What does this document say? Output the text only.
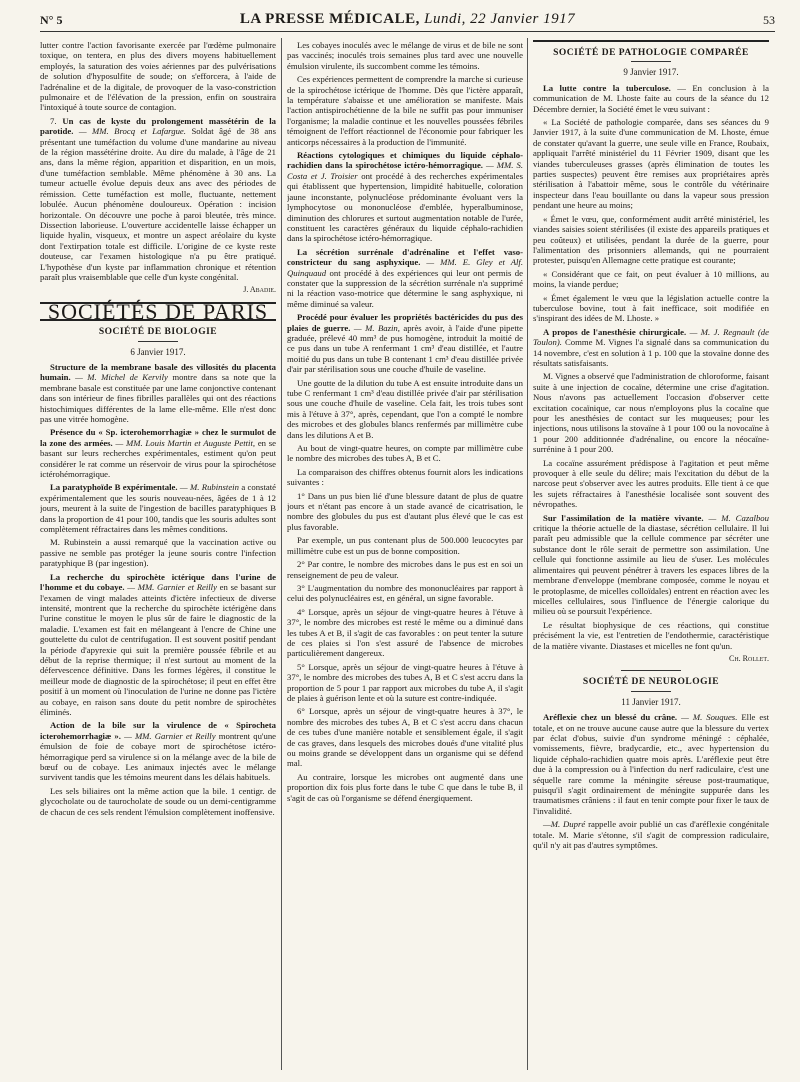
N° 5	LA PRESSE MÉDICALE, Lundi, 22 Janvier 1917	53

lutter contre l'action favorisante exercée par l'œdème pulmonaire toxique, on tentera, en plus des divers moyens habituellement employés, la saturation des voies aériennes par des pulvérisations de solution d'hyposulfite de soude; on s'efforcera, à l'aide de l'adrénaline et de la digitale, de provoquer de la vaso-constriction pulmonaire et de l'élévation de la pression, enfin on soustraira l'intoxiqué à toute source de contagion.

7. Un cas de kyste du prolongement massétérin de la parotide. — MM. Brocq et Lafargue. Soldat âgé de 38 ans présentant une tuméfaction du volume d'une mandarine au niveau de la région massétérine droite. Au dire du malade, à l'âge de 21 ans, dans la même région, apparition et disparition, en un mois, d'une tuméfaction semblable. Même phénomène à 30 ans. La tumeur actuelle évolue depuis deux ans avec des périodes de rémission. Cette tuméfaction est molle, fluctuante, nettement lobulée. Aucun phénomène douloureux. Opération : incision horizontale. On découvre une poche à paroi bleutée, très mince. Dissection laborieuse. L'ouverture accidentelle laisse échapper un liquide hyalin, visqueux, et montre un aspect aréolaire du kyste dont l'extirpation totale est difficile. L'origine de ce kyste reste douteuse, car l'examen histologique n'a pu être pratiqué. L'hypothèse d'un kyste par inflammation chronique et rétention paraît plus vraisemblable que celle d'un kyste congénital.

J. Abadie.
SOCIÉTÉS DE PARIS
SOCIÉTÉ DE BIOLOGIE
6 Janvier 1917.

Structure de la membrane basale des villosités du placenta humain. — M. Michel de Kervily montre dans sa note que la membrane basale est constituée par une lame conjonctive contenant dans son intérieur de fines fibrilles parallèles qui ont des réactions histochimiques différentes de la lame elle-même. Elle n'est donc pas une vitrée homogène.

Présence du « Sp. icterohemorrhagiæ » chez le surmulot de la zone des armées. — MM. Louis Martin et Auguste Pettit, en se basant sur leurs recherches expérimentales, estiment qu'on peut considérer le rat comme un réservoir de virus pour la spirochétose ictérohémorragique.

La paratyphoïde B expérimentale. — M. Rubinstein a constaté expérimentalement que les souris nouveau-nées, âgées de 1 à 12 jours, meurent à la suite de l'ingestion de bacilles paratyphiques B dans la proportion de 41 pour 100, tandis que les souris adultes sont complètement réfractaires dans les mêmes conditions.

M. Rubinstein a aussi remarqué que la vaccination active ou passive ne semble pas protéger la jeune souris contre l'infection paratyphique B (par ingestion).

La recherche du spirochète ictérique dans l'urine de l'homme et du cobaye. — MM. Garnier et Reilly en se basant sur l'examen de vingt malades atteints d'ictère infectieux de diverse intensité, montrent que la recherche du spirochète ictérigène dans l'urine constitue le moyen le plus sûr de faire le diagnostic de la maladie. L'examen est fait en mélangeant à l'encre de Chine une gouttelette du culot de centrifugation. Il est souvent positif pendant la période d'apyrexie qui suit la première poussée fébrile et au début de la reprise thermique; il n'est surtout au moment de la défervescence définitive. Dans les formes légères, il constitue le meilleur mode de diagnostic de la spirochétose; il peut en effet être positif à un moment où l'inoculation de l'urine ne donne pas l'ictère au cobaye, en raison sans doute du petit nombre de spirochètes éliminés.

Action de la bile sur la virulence de « Spirocheta icterohemorrhagiæ ». — MM. Garnier et Reilly montrent qu'une émulsion de foie de cobaye mort de spirochétose ictéro-hémorragique perd sa virulence si on la mélange avec de la bile de bœuf ou de cobaye. Les animaux injectés avec le mélange survivent tandis que les témoins meurent dans les délais habituels.

Les sels biliaires ont la même action que la bile. 1 centigr. de glycocholate ou de taurocholate de soude ou un demi-centigramme de chacun de ces sels rendent l'émulsion complètement inoffensive.

Les cobayes inoculés avec le mélange de virus et de bile ne sont pas vaccinés; inoculés trois semaines plus tard avec une nouvelle émulsion virulente, ils succombent comme les témoins.

Ces expériences permettent de comprendre la marche si curieuse de la spirochétose ictérique de l'homme. Dès que l'ictère apparaît, la température s'abaisse et une amélioration se manifeste. Mais l'action antispirochétienne de la bile ne suffit pas pour immuniser l'organisme; la maladie continue et les nouvelles poussées fébriles témoignent de l'effort réactionnel de l'économie pour fabriquer les anticorps nécessaires à la production de l'immunité.

Réactions cytologiques et chimiques du liquide céphalo-rachidien dans la spirochétose ictéro-hémorragique. — MM. S. Costa et J. Troisier ont procédé à des recherches expérimentales qui établissent que hypertension, limpidité habituelle, coloration jaune inconstante, polynucléose prédominante évoluant vers la lymphocytose ou mononucléose d'emblée, hyperalbuminose, diminution des chlorures et surtout augmentation notable de l'urée, constituent les caractères généraux du liquide céphalo-rachidien dans la spirochétose ictéro-hémorragique.

La sécrétion surrénale d'adrénaline et l'effet vaso-constricteur du sang asphyxique. — MM. E. Gley et Alf. Quinquaud ont procédé à des expériences qui leur ont permis de constater que la suppression de la sécrétion surrénale n'a supprimé ni la réaction vaso-motrice que détermine le sang asphyxique, ni même diminué sa valeur.

Procédé pour évaluer les propriétés bactéricides du pus des plaies de guerre. — M. Bazin, après avoir, à l'aide d'une pipette graduée, prélevé 40 mm³ de pus homogène, introduit la moitié de ce pus dans un tube A renfermant 1 cm³ d'eau distillée, et l'autre moitié du pus dans un tube B contenant 1 cm³ d'eau distillée privée d'air par stérilisation sous une couche d'huile de vaseline.

Une goutte de la dilution du tube A est ensuite introduite dans un tube C renfermant 1 cm³ d'eau distillée privée d'air par stérilisation sous une couche d'huile de vaseline. Cela fait, les trois tubes sont mis à l'étuve à 37°, après, cependant, que l'on a compté le nombre des microbes et des globules blancs renfermés par millimètre cube dans les dilutions A et B.

Au bout de vingt-quatre heures, on compte par millimètre cube le nombre des microbes des tubes A, B et C.

La comparaison des chiffres obtenus fournit alors les indications suivantes :

1° Dans un pus bien lié d'une blessure datant de plus de quatre jours et n'étant pas encore à un stade avancé de cicatrisation, le nombre des globules du pus est d'autant plus élevé que le cas est plus favorable.

Par exemple, un pus contenant plus de 500.000 leucocytes par millimètre cube est un pus de bonne composition.

2° Par contre, le nombre des microbes dans le pus est en soi un renseignement de peu de valeur.

3° L'augmentation du nombre des mononucléaires par rapport à celui des polynucléaires est, en général, un signe favorable.

4° Lorsque, après un séjour de vingt-quatre heures à l'étuve à 37°, le nombre des microbes est resté le même ou a diminué dans les tubes A et B, il s'agit de cas favorables : on peut tenter la suture de ces plaies si l'on s'est assuré de l'absence de microbes particulièrement dangereux.

5° Lorsque, après un séjour de vingt-quatre heures à l'étuve à 37°, le nombre des microbes des tubes A, B et C s'est accru dans la proportion de 5 pour 1 par rapport aux microbes du tube A, il s'agit de plaies à guérison lente et où la suture est contre-indiquée.

6° Lorsque, après un séjour de vingt-quatre heures à 37°, le nombre des microbes des tubes A, B et C s'est accru dans chacun de ces tubes d'une manière notable et sensiblement égale, il s'agit de cas graves, dans lesquels des microbes doués d'une vitalité plus ou moins grande se développent dans un organisme qui se défend mal.

Au contraire, lorsque les microbes ont augmenté dans une proportion dix fois plus forte dans le tube C que dans le tube B, il s'agit de cas où l'organisme se défend énergiquement.

SOCIÉTÉ DE PATHOLOGIE COMPARÉE
9 Janvier 1917.

La lutte contre la tuberculose. — En conclusion à la communication de M. Lhoste faite au cours de la séance du 12 Décembre dernier, la Société émet le vœu suivant :

« La Société de pathologie comparée, dans ses séances du 9 Janvier 1917, à la suite d'une communication de M. Lhoste, émue de constater qu'avant la guerre, une seule ville en France, Roubaix, appliquait l'arrêté ministériel du 11 Février 1909, disant que les viandes tuberculeuses grasses (après élimination de toutes les parties suspectes) peuvent être remises aux propriétaires après stérilisation à l'abattoir même, sous le contrôle du vétérinaire inspecteur dans l'eau bouillante ou dans la vapeur sous pression pendant une heure au moins;

« Émet le vœu, que, conformément audit arrêté ministériel, les viandes saisies soient stérilisées (il existe des appareils pratiques et peu coûteux) et utilisées, pendant la durée de la guerre, pour l'alimentation des prisonniers allemands, qui ne pourraient protester, puisqu'en Allemagne cette pratique est courante;

« Considérant que ce fait, on peut évaluer à 10 millions, au moins, la viande perdue;

« Émet également le vœu que la législation actuelle contre la tuberculose bovine, tout à fait inefficace, soit modifiée en s'inspirant des idées de M. Lhoste. »

A propos de l'anesthésie chirurgicale. — M. J. Regnault (de Toulon). Comme M. Vignes l'a signalé dans sa communication du 14 novembre, c'est en solution à 1 p. 100 que la stovaïne donne des résultats satisfaisants.

M. Vignes a observé que l'administration de chloroforme, faisant suite à une injection de cocaïne, détermine une crise d'agitation. Nous n'avons pas actuellement l'occasion d'observer cette excitation cocaïnique, car nous n'employons plus la cocaïne que pour les anesthésies de contact sur les muqueuses; pour les injections, nous utilisons la stovaïne à 1 pour 100 ou la novocaïne à 1 pour 200 additionnée d'adrénaline, ou encore la néocaïne-surrénine à 1 pour 200.

La cocaïne assurément prédispose à l'agitation et peut même provoquer à elle seule du délire; mais l'excitation du début de la narcose peut s'observer avec les autres produits. Elle tient à ce que les sujets réfractaires à l'anesthésie localisée sont souvent des névropathes.

Sur l'assimilation de la matière vivante. — M. Cazalbou critique la théorie actuelle de la diastase, sécrétion cellulaire. Il lui paraît peu admissible que la cellule commence par sécréter une substance dont le rôle serait de permettre son assimilation. Une cellule qui fonctionne assimile au lieu de s'user. Les molécules alimentaires qui peuvent pénétrer à travers les espaces libres de la membrane d'enveloppe (membrane composée, comme le noyau et le protoplasme, de micelles colloïdales) entrent en réaction avec les micelles cellulaires, sous l'influence de l'énergie calorique du milieu où se poursuit l'expérience.

Le résultat biophysique de ces réactions, qui constitue précisément la vie, est l'entretien de l'endothermie, caractéristique de la matière vivante. Diastases et micelles ne font qu'un.

Ch. Rollet.
SOCIÉTÉ DE NEUROLOGIE
11 Janvier 1917.

Aréflexie chez un blessé du crâne. — M. Souques. Elle est totale, et on ne trouve aucune cause autre que la blessure du vertex par éclat d'obus, suivie d'un syndrome méningé : céphalée, vomissements, fièvre, bradycardie, etc., avec hypertension du liquide céphalo-rachidien quatre mois après. L'aréflexie peut être due à la compression ou à l'infection du nerf radiculaire, c'est une séquelle rare comme la méningite séreuse post-traumatique, puisqu'il s'agit ordinairement de méningite suppurée dans les traumatismes crâniens : il faut en tenir compte pour fixer le taux de l'invalidité.

—M. Dupré rappelle avoir publié un cas d'aréflexie congénitale totale. M. Marie s'étonne, s'il s'agit de compression radiculaire, qu'il n'y ait pas d'autres symptômes.
